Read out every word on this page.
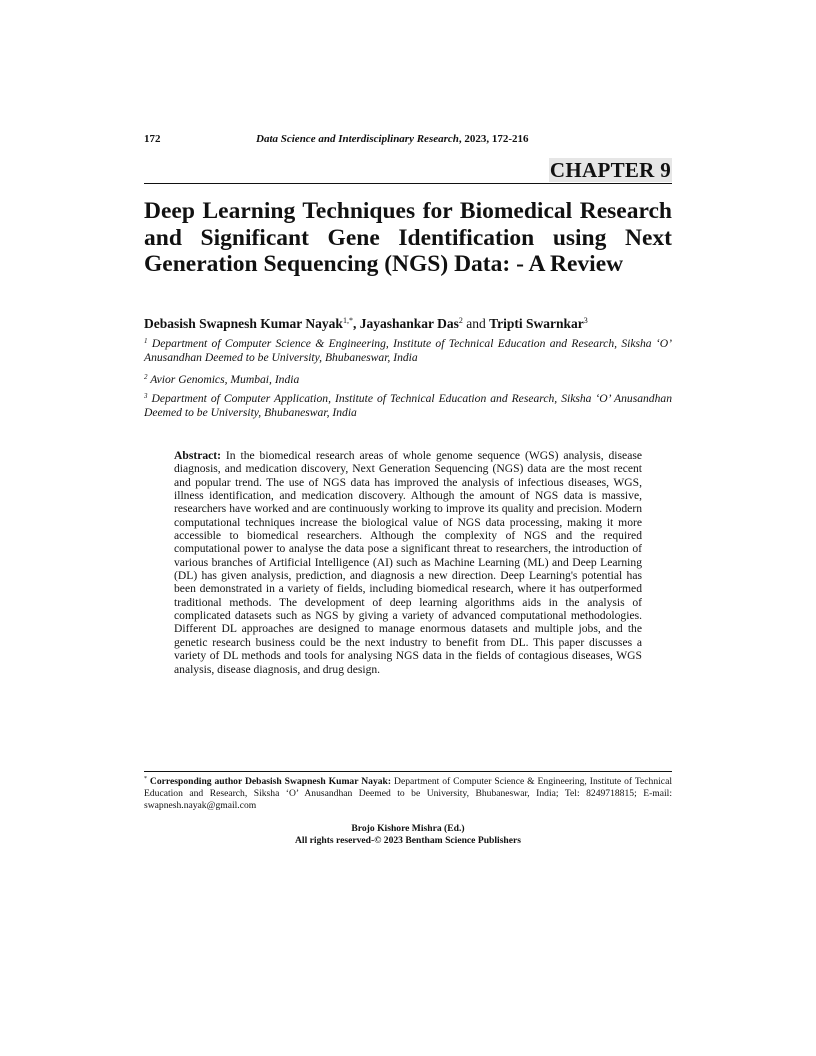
172	Data Science and Interdisciplinary Research, 2023, 172-216
CHAPTER 9
Deep Learning Techniques for Biomedical Research and Significant Gene Identification using Next Generation Sequencing (NGS) Data: - A Review
Debasish Swapnesh Kumar Nayak$^{1,*}$, Jayashankar Das$^2$ and Tripti Swarnkar$^3$
$^1$ Department of Computer Science & Engineering, Institute of Technical Education and Research, Siksha ‘O’ Anusandhan Deemed to be University, Bhubaneswar, India
$^2$ Avior Genomics, Mumbai, India
$^3$ Department of Computer Application, Institute of Technical Education and Research, Siksha ‘O’ Anusandhan Deemed to be University, Bhubaneswar, India

Abstract: In the biomedical research areas of whole genome sequence (WGS) analysis, disease diagnosis, and medication discovery, Next Generation Sequencing (NGS) data are the most recent and popular trend. The use of NGS data has improved the analysis of infectious diseases, WGS, illness identification, and medication discovery. Although the amount of NGS data is massive, researchers have worked and are continuously working to improve its quality and precision. Modern computational techniques increase the biological value of NGS data processing, making it more accessible to biomedical researchers. Although the complexity of NGS and the required computational power to analyse the data pose a significant threat to researchers, the introduction of various branches of Artificial Intelligence (AI) such as Machine Learning (ML) and Deep Learning (DL) has given analysis, prediction, and diagnosis a new direction. Deep Learning's potential has been demonstrated in a variety of fields, including biomedical research, where it has outperformed traditional methods. The development of deep learning algorithms aids in the analysis of complicated datasets such as NGS by giving a variety of advanced computational methodologies. Different DL approaches are designed to manage enormous datasets and multiple jobs, and the genetic research business could be the next industry to benefit from DL. This paper discusses a variety of DL methods and tools for analysing NGS data in the fields of contagious diseases, WGS analysis, disease diagnosis, and drug design.

* Corresponding author Debasish Swapnesh Kumar Nayak: Department of Computer Science & Engineering, Institute of Technical Education and Research, Siksha ‘O’ Anusandhan Deemed to be University, Bhubaneswar, India; Tel: 8249718815; E-mail: swapnesh.nayak@gmail.com

Brojo Kishore Mishra (Ed.)
All rights reserved-© 2023 Bentham Science Publishers
